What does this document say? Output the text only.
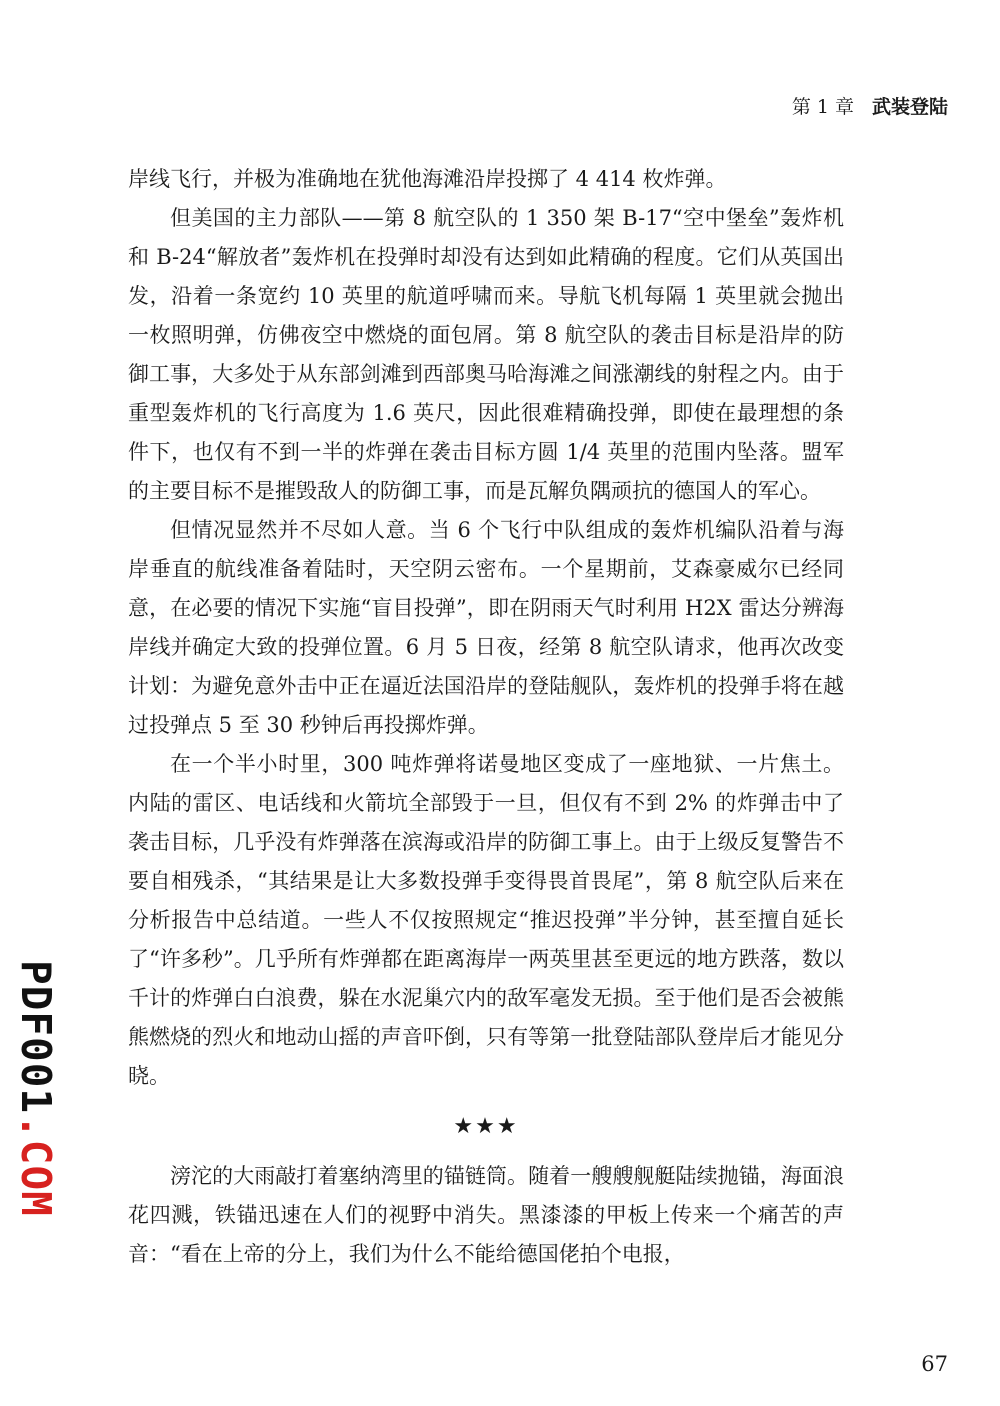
第 1 章 武装登陆

岸线飞行，并极为准确地在犹他海滩沿岸投掷了 4 414 枚炸弹。

但美国的主力部队——第 8 航空队的 1 350 架 B-17“空中堡垒”轰炸机和 B-24“解放者”轰炸机在投弹时却没有达到如此精确的程度。它们从英国出发，沿着一条宽约 10 英里的航道呼啸而来。导航飞机每隔 1 英里就会抛出一枚照明弹，仿佛夜空中燃烧的面包屑。第 8 航空队的袭击目标是沿岸的防御工事，大多处于从东部剑滩到西部奥马哈海滩之间涨潮线的射程之内。由于重型轰炸机的飞行高度为 1.6 英尺，因此很难精确投弹，即使在最理想的条件下，也仅有不到一半的炸弹在袭击目标方圆 1/4 英里的范围内坠落。盟军的主要目标不是摧毁敌人的防御工事，而是瓦解负隅顽抗的德国人的军心。

但情况显然并不尽如人意。当 6 个飞行中队组成的轰炸机编队沿着与海岸垂直的航线准备着陆时，天空阴云密布。一个星期前，艾森豪威尔已经同意，在必要的情况下实施“盲目投弹”，即在阴雨天气时利用 H2X 雷达分辨海岸线并确定大致的投弹位置。6 月 5 日夜，经第 8 航空队请求，他再次改变计划：为避免意外击中正在逼近法国沿岸的登陆舰队，轰炸机的投弹手将在越过投弹点 5 至 30 秒钟后再投掷炸弹。

在一个半小时里，300 吨炸弹将诺曼地区变成了一座地狱、一片焦土。内陆的雷区、电话线和火箭坑全部毁于一旦，但仅有不到 2% 的炸弹击中了袭击目标，几乎没有炸弹落在滨海或沿岸的防御工事上。由于上级反复警告不要自相残杀，“其结果是让大多数投弹手变得畏首畏尾”，第 8 航空队后来在分析报告中总结道。一些人不仅按照规定“推迟投弹”半分钟，甚至擅自延长了“许多秒”。几乎所有炸弹都在距离海岸一两英里甚至更远的地方跌落，数以千计的炸弹白白浪费，躲在水泥巢穴内的敌军毫发无损。至于他们是否会被熊熊燃烧的烈火和地动山摇的声音吓倒，只有等第一批登陆部队登岸后才能见分晓。

★★★

滂沱的大雨敲打着塞纳湾里的锚链筒。随着一艘艘舰艇陆续抛锚，海面浪花四溅，铁锚迅速在人们的视野中消失。黑漆漆的甲板上传来一个痛苦的声音：“看在上帝的分上，我们为什么不能给德国佬拍个电报，

PDF001.COM
67
